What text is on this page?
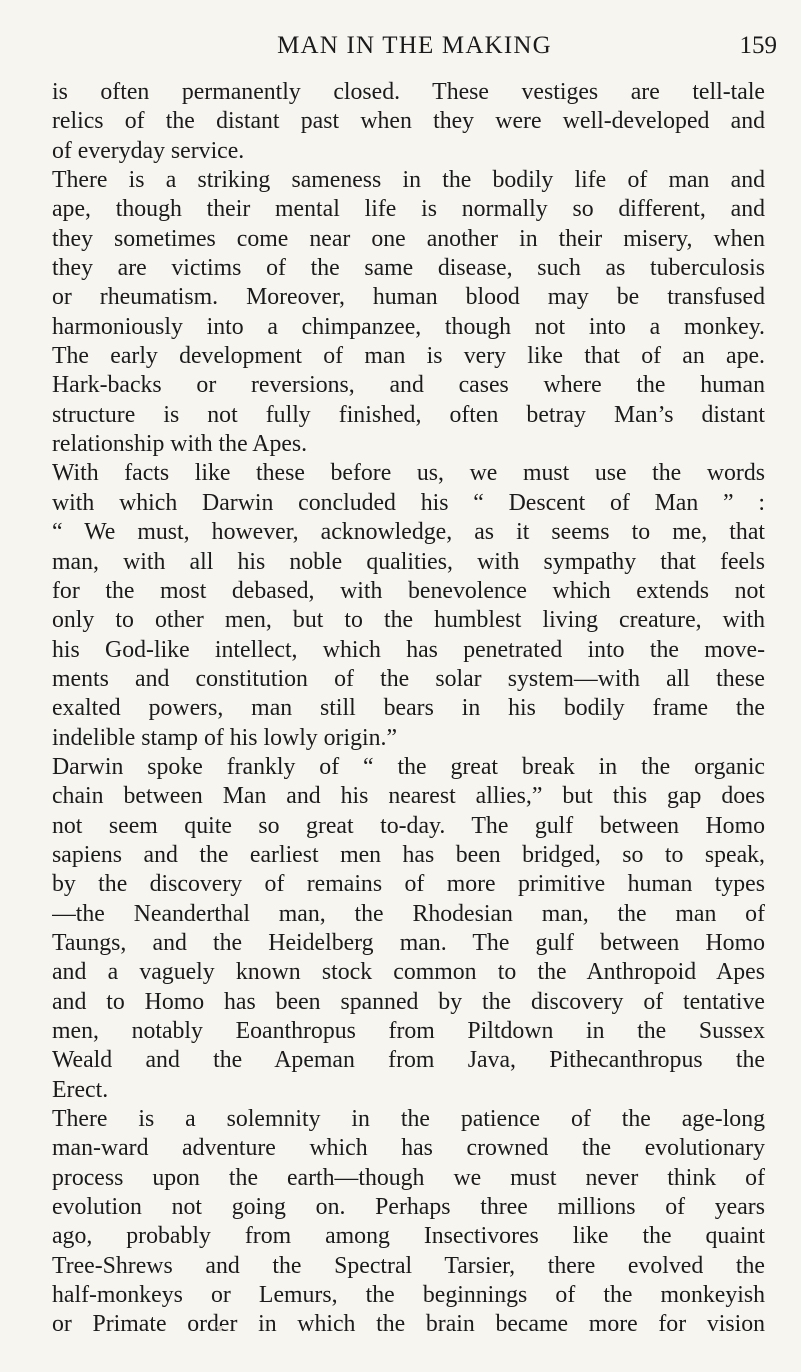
MAN IN THE MAKING	159
is often permanently closed. These vestiges are tell-tale
relics of the distant past when they were well-developed and
of everyday service.
There is a striking sameness in the bodily life of man and
ape, though their mental life is normally so different, and
they sometimes come near one another in their misery, when
they are victims of the same disease, such as tuberculosis
or rheumatism. Moreover, human blood may be transfused
harmoniously into a chimpanzee, though not into a monkey.
The early development of man is very like that of an ape.
Hark-backs or reversions, and cases where the human
structure is not fully finished, often betray Man’s distant
relationship with the Apes.
With facts like these before us, we must use the words
with which Darwin concluded his “ Descent of Man ” :
“ We must, however, acknowledge, as it seems to me, that
man, with all his noble qualities, with sympathy that feels
for the most debased, with benevolence which extends not
only to other men, but to the humblest living creature, with
his God-like intellect, which has penetrated into the move-
ments and constitution of the solar system—with all these
exalted powers, man still bears in his bodily frame the
indelible stamp of his lowly origin.”
Darwin spoke frankly of “ the great break in the organic
chain between Man and his nearest allies,” but this gap does
not seem quite so great to-day. The gulf between Homo
sapiens and the earliest men has been bridged, so to speak,
by the discovery of remains of more primitive human types
—the Neanderthal man, the Rhodesian man, the man of
Taungs, and the Heidelberg man. The gulf between Homo
and a vaguely known stock common to the Anthropoid Apes
and to Homo has been spanned by the discovery of tentative
men, notably Eoanthropus from Piltdown in the Sussex
Weald and the Apeman from Java, Pithecanthropus the
Erect.
There is a solemnity in the patience of the age-long
man-ward adventure which has crowned the evolutionary
process upon the earth—though we must never think of
evolution not going on. Perhaps three millions of years
ago, probably from among Insectivores like the quaint
Tree-Shrews and the Spectral Tarsier, there evolved the
half-monkeys or Lemurs, the beginnings of the monkeyish
or Primate order in which the brain became more for vision
